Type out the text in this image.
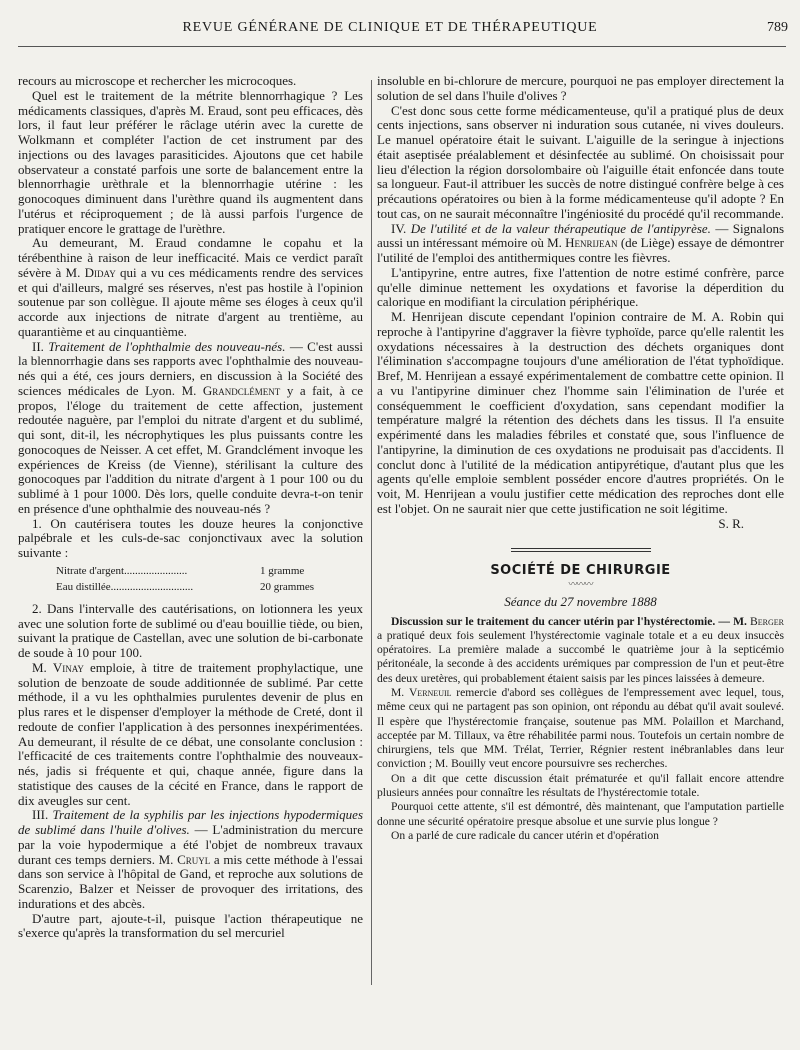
REVUE GÉNÉRANE DE CLINIQUE ET DE THÉRAPEUTIQUE	789

recours au microscope et rechercher les microcoques.

Quel est le traitement de la métrite blennorrhagique ? Les médicaments classiques, d'après M. Eraud, sont peu efficaces, dès lors, il faut leur préférer le râclage utérin avec la curette de Wolkmann et compléter l'action de cet instrument par des injections ou des lavages parasiticides. Ajoutons que cet habile observateur a constaté parfois une sorte de balancement entre la blennorrhagie urèthrale et la blennorrhagie utérine : les gonocoques diminuent dans l'urèthre quand ils augmentent dans l'utérus et réciproquement ; de là aussi parfois l'urgence de pratiquer encore le grattage de l'urèthre.

Au demeurant, M. Eraud condamne le copahu et la térébenthine à raison de leur inefficacité. Mais ce verdict paraît sévère à M. Diday qui a vu ces médicaments rendre des services et qui d'ailleurs, malgré ses réserves, n'est pas hostile à l'opinion soutenue par son collègue. Il ajoute même ses éloges à ceux qu'il accorde aux injections de nitrate d'argent au trentième, au quarantième et au cinquantième.

II. Traitement de l'ophthalmie des nouveau-nés. — C'est aussi la blennorrhagie dans ses rapports avec l'ophthalmie des nouveau-nés qui a été, ces jours derniers, en discussion à la Société des sciences médicales de Lyon. M. Grandclément y a fait, à ce propos, l'éloge du traitement de cette affection, justement redoutée naguère, par l'emploi du nitrate d'argent et du sublimé, qui sont, dit-il, les nécrophytiques les plus puissants contre les gonocoques de Neisser. A cet effet, M. Grandclément invoque les expériences de Kreiss (de Vienne), stérilisant la culture des gonocoques par l'addition du nitrate d'argent à 1 pour 100 ou du sublimé à 1 pour 1000. Dès lors, quelle conduite devra-t-on tenir en présence d'une ophthalmie des nouveau-nés ?

1. On cautérisera toutes les douze heures la conjonctive palpébrale et les culs-de-sac conjonctivaux avec la solution suivante :

Nitrate d'argent.......................	1 gramme
Eau distillée..............................	20 grammes

2. Dans l'intervalle des cautérisations, on lotionnera les yeux avec une solution forte de sublimé ou d'eau bouillie tiède, ou bien, suivant la pratique de Castellan, avec une solution de bi-carbonate de soude à 10 pour 100.

M. Vinay emploie, à titre de traitement prophylactique, une solution de benzoate de soude additionnée de sublimé. Par cette méthode, il a vu les ophthalmies purulentes devenir de plus en plus rares et le dispenser d'employer la méthode de Creté, dont il redoute de confier l'application à des personnes inexpérimentées. Au demeurant, il résulte de ce débat, une consolante conclusion : l'efficacité de ces traitements contre l'ophthalmie des nouveaux-nés, jadis si fréquente et qui, chaque année, figure dans la statistique des causes de la cécité en France, dans le rapport de dix aveugles sur cent.

III. Traitement de la syphilis par les injections hypodermiques de sublimé dans l'huile d'olives. — L'administration du mercure par la voie hypodermique a été l'objet de nombreux travaux durant ces temps derniers. M. Cruyl a mis cette méthode à l'essai dans son service à l'hôpital de Gand, et reproche aux solutions de Scarenzio, Balzer et Neisser de provoquer des irritations, des indurations et des abcès.

D'autre part, ajoute-t-il, puisque l'action thérapeutique ne s'exerce qu'après la transformation du sel mercuriel

insoluble en bi-chlorure de mercure, pourquoi ne pas employer directement la solution de sel dans l'huile d'olives ?

C'est donc sous cette forme médicamenteuse, qu'il a pratiqué plus de deux cents injections, sans observer ni induration sous cutanée, ni vives douleurs. Le manuel opératoire était le suivant. L'aiguille de la seringue à injections était aseptisée préalablement et désinfectée au sublimé. On choisissait pour lieu d'élection la région dorsolombaire où l'aiguille était enfoncée dans toute sa longueur. Faut-il attribuer les succès de notre distingué confrère belge à ces précautions opératoires ou bien à la forme médicamenteuse qu'il adopte ? En tout cas, on ne saurait méconnaître l'ingéniosité du procédé qu'il recommande.

IV. De l'utilité et de la valeur thérapeutique de l'antipyrèse. — Signalons aussi un intéressant mémoire où M. Henrijean (de Liège) essaye de démontrer l'utilité de l'emploi des antithermiques contre les fièvres.

L'antipyrine, entre autres, fixe l'attention de notre estimé confrère, parce qu'elle diminue nettement les oxydations et favorise la déperdition du calorique en modifiant la circulation périphérique.

M. Henrijean discute cependant l'opinion contraire de M. A. Robin qui reproche à l'antipyrine d'aggraver la fièvre typhoïde, parce qu'elle ralentit les oxydations nécessaires à la destruction des déchets organiques dont l'élimination s'accompagne toujours d'une amélioration de l'état typhoïdique. Bref, M. Henrijean a essayé expérimentalement de combattre cette opinion. Il a vu l'antipyrine diminuer chez l'homme sain l'élimination de l'urée et conséquemment le coefficient d'oxydation, sans cependant modifier la température malgré la rétention des déchets dans les tissus. Il l'a ensuite expérimenté dans les maladies fébriles et constaté que, sous l'influence de l'antipyrine, la diminution de ces oxydations ne produisait pas d'accidents. Il conclut donc à l'utilité de la médication antipyrétique, d'autant plus que les agents qu'elle emploie semblent posséder encore d'autres propriétés. On le voit, M. Henrijean a voulu justifier cette médication des reproches dont elle est l'objet. On ne saurait nier que cette justification ne soit légitime.

S. R.
SOCIÉTÉ DE CHIRURGIE
〰〰〰
Séance du 27 novembre 1888

Discussion sur le traitement du cancer utérin par l'hystérectomie. — M. Berger a pratiqué deux fois seulement l'hystérectomie vaginale totale et a eu deux insuccès opératoires. La première malade a succombé le quatrième jour à la septicémio péritonéale, la seconde à des accidents urémiques par compression de l'un et peut-être des deux uretères, qui probablement étaient saisis par les pinces laissées à demeure.

M. Verneuil remercie d'abord ses collègues de l'empressement avec lequel, tous, même ceux qui ne partagent pas son opinion, ont répondu au débat qu'il avait soulevé. Il espère que l'hystérectomie française, soutenue pas MM. Polaillon et Marchand, acceptée par M. Tillaux, va être réhabilitée parmi nous. Toutefois un certain nombre de chirurgiens, tels que MM. Trélat, Terrier, Régnier restent inébranlables dans leur conviction ; M. Bouilly veut encore poursuivre ses recherches.

On a dit que cette discussion était prématurée et qu'il fallait encore attendre plusieurs années pour connaître les résultats de l'hystérectomie totale.

Pourquoi cette attente, s'il est démontré, dès maintenant, que l'amputation partielle donne une sécurité opératoire presque absolue et une survie plus longue ?

On a parlé de cure radicale du cancer utérin et d'opération
